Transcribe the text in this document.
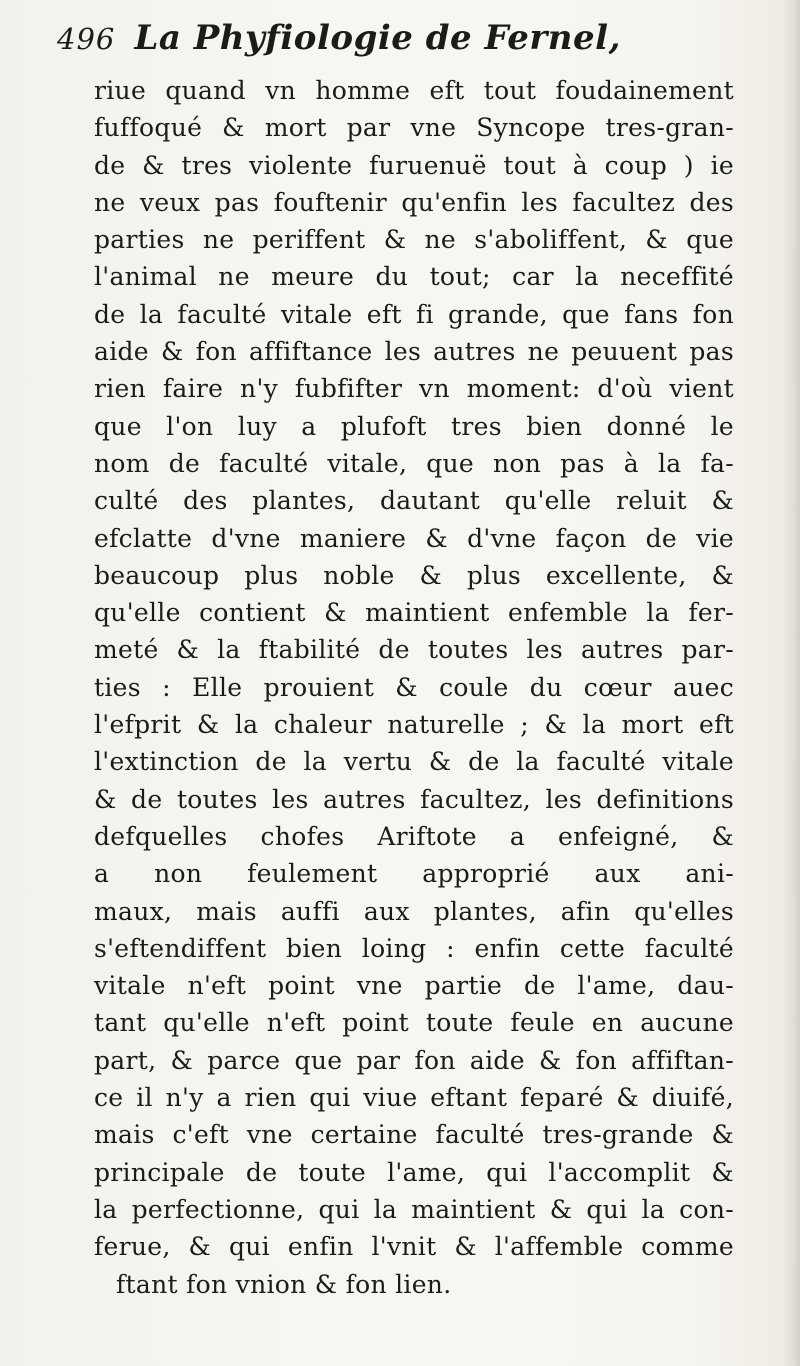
496 La Phyfiologie de Fernel,
riue quand vn homme eft tout foudainement
fuffoqué & mort par vne Syncope tres-gran-
de & tres violente furuenuë tout à coup ) ie
ne veux pas fouftenir qu'enfin les facultez des
parties ne periffent & ne s'aboliffent, & que
l'animal ne meure du tout; car la neceffité
de la faculté vitale eft fi grande, que fans fon
aide & fon affiftance les autres ne peuuent pas
rien faire n'y fubfifter vn moment: d'où vient
que l'on luy a plufoft tres bien donné le
nom de faculté vitale, que non pas à la fa-
culté des plantes, dautant qu'elle reluit &
efclatte d'vne maniere & d'vne façon de vie
beaucoup plus noble & plus excellente, &
qu'elle contient & maintient enfemble la fer-
meté & la ftabilité de toutes les autres par-
ties : Elle prouient & coule du cœur auec
l'efprit & la chaleur naturelle ; & la mort eft
l'extinction de la vertu & de la faculté vitale
& de toutes les autres facultez, les definitions
defquelles chofes Ariftote a enfeigné, &
a non feulement approprié aux ani-
maux, mais auffi aux plantes, afin qu'elles
s'eftendiffent bien loing : enfin cette faculté
vitale n'eft point vne partie de l'ame, dau-
tant qu'elle n'eft point toute feule en aucune
part, & parce que par fon aide & fon affiftan-
ce il n'y a rien qui viue eftant feparé & diuifé,
mais c'eft vne certaine faculté tres-grande &
principale de toute l'ame, qui l'accomplit &
la perfectionne, qui la maintient & qui la con-
ferue, & qui enfin l'vnit & l'affemble comme
ftant fon vnion & fon lien.
